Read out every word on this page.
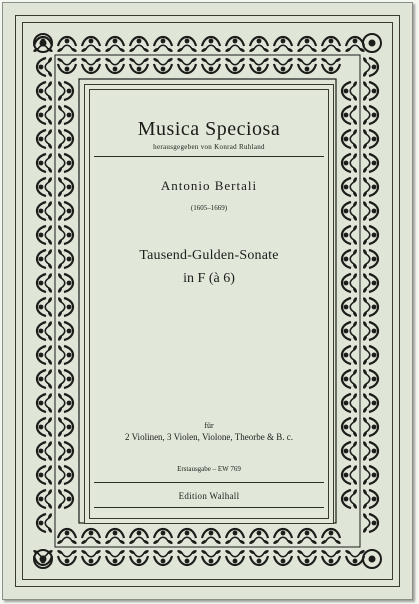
Musica Speciosa
herausgegeben von Konrad Ruhland
Antonio Bertali
(1605–1669)
Tausend-Gulden-Sonate
in F (à 6)
für
2 Violinen, 3 Violen, Violone, Theorbe & B. c.
Erstausgabe – EW 769
Edition Walhall
